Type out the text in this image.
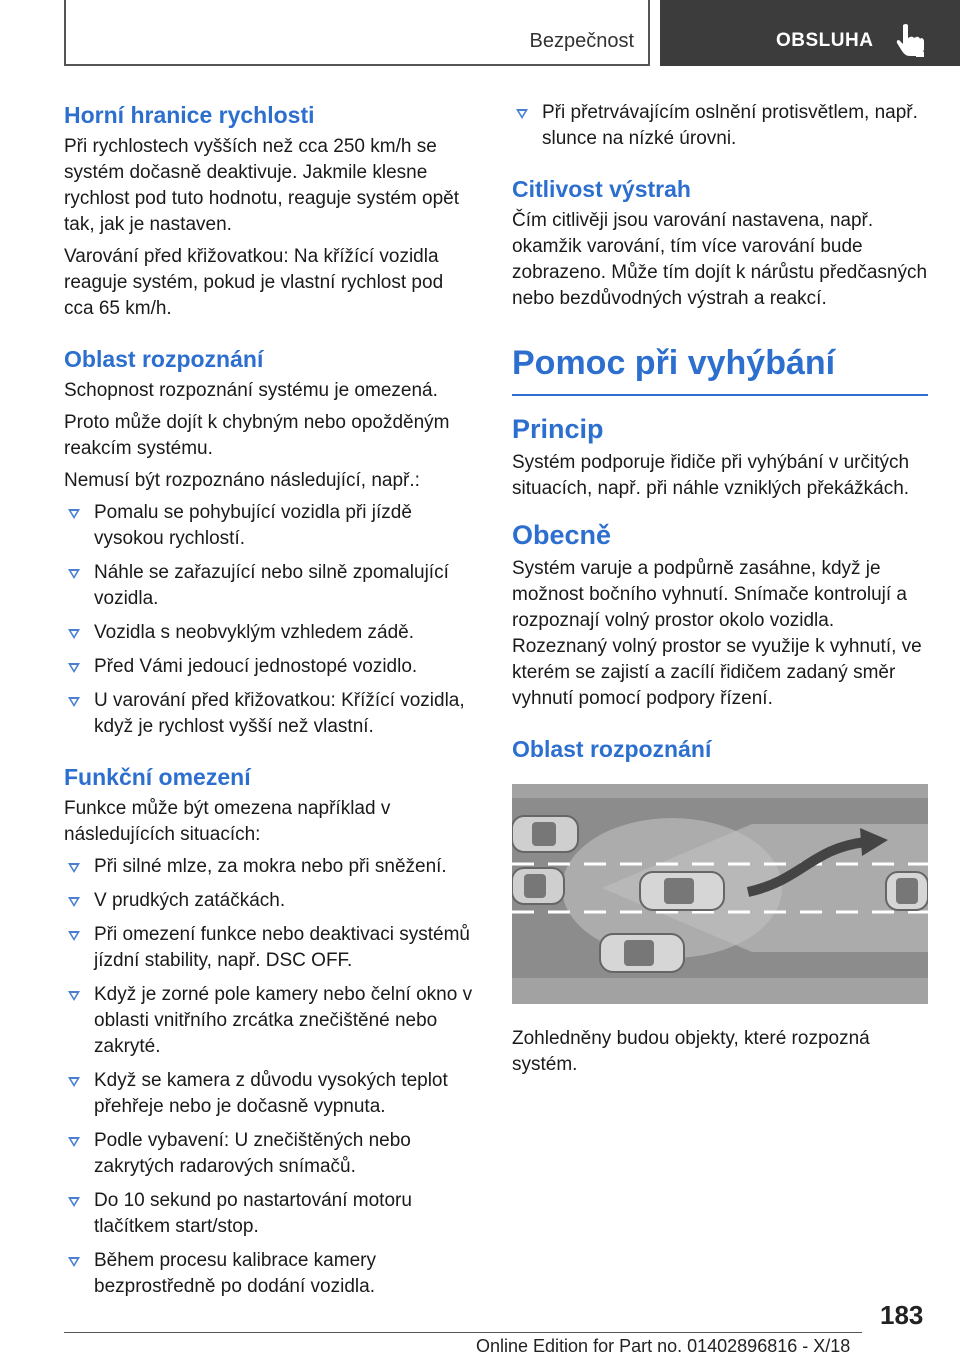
Bezpečnost	OBSLUHA
Horní hranice rychlosti

Při rychlostech vyšších než cca 250 km/h se systém dočasně deaktivuje. Jakmile klesne rychlost pod tuto hodnotu, reaguje systém opět tak, jak je nastaven.

Varování před křižovatkou: Na křížící vozidla reaguje systém, pokud je vlastní rychlost pod cca 65 km/h.

Oblast rozpoznání

Schopnost rozpoznání systému je omezená.

Proto může dojít k chybným nebo opožděným reakcím systému.

Nemusí být rozpoznáno následující, např.:

Pomalu se pohybující vozidla při jízdě vysokou rychlostí.
Náhle se zařazující nebo silně zpomalující vozidla.
Vozidla s neobvyklým vzhledem zádě.
Před Vámi jedoucí jednostopé vozidlo.
U varování před křižovatkou: Křížící vozidla, když je rychlost vyšší než vlastní.
Funkční omezení

Funkce může být omezena například v následujících situacích:

Při silné mlze, za mokra nebo při sněžení.
V prudkých zatáčkách.
Při omezení funkce nebo deaktivaci systémů jízdní stability, např. DSC OFF.
Když je zorné pole kamery nebo čelní okno v oblasti vnitřního zrcátka znečištěné nebo zakryté.
Když se kamera z důvodu vysokých teplot přehřeje nebo je dočasně vypnuta.
Podle vybavení: U znečištěných nebo zakrytých radarových snímačů.
Do 10 sekund po nastartování motoru tlačítkem start/stop.
Během procesu kalibrace kamery bezprostředně po dodání vozidla.
Při přetrvávajícím oslnění protisvětlem, např. slunce na nízké úrovni.
Citlivost výstrah

Čím citlivěji jsou varování nastavena, např. okamžik varování, tím více varování bude zobrazeno. Může tím dojít k nárůstu předčasných nebo bezdůvodných výstrah a reakcí.

Pomoc při vyhýbání
Princip

Systém podporuje řidiče při vyhýbání v určitých situacích, např. při náhle vzniklých překážkách.

Obecně

Systém varuje a podpůrně zasáhne, když je možnost bočního vyhnutí. Snímače kontrolují a rozpoznají volný prostor okolo vozidla. Rozeznaný volný prostor se využije k vyhnutí, ve kterém se zajistí a zacílí řidičem zadaný směr vyhnutí pomocí podpory řízení.

Oblast rozpoznání

Zohledněny budou objekty, které rozpozná systém.

183
Online Edition for Part no. 01402896816 - X/18
